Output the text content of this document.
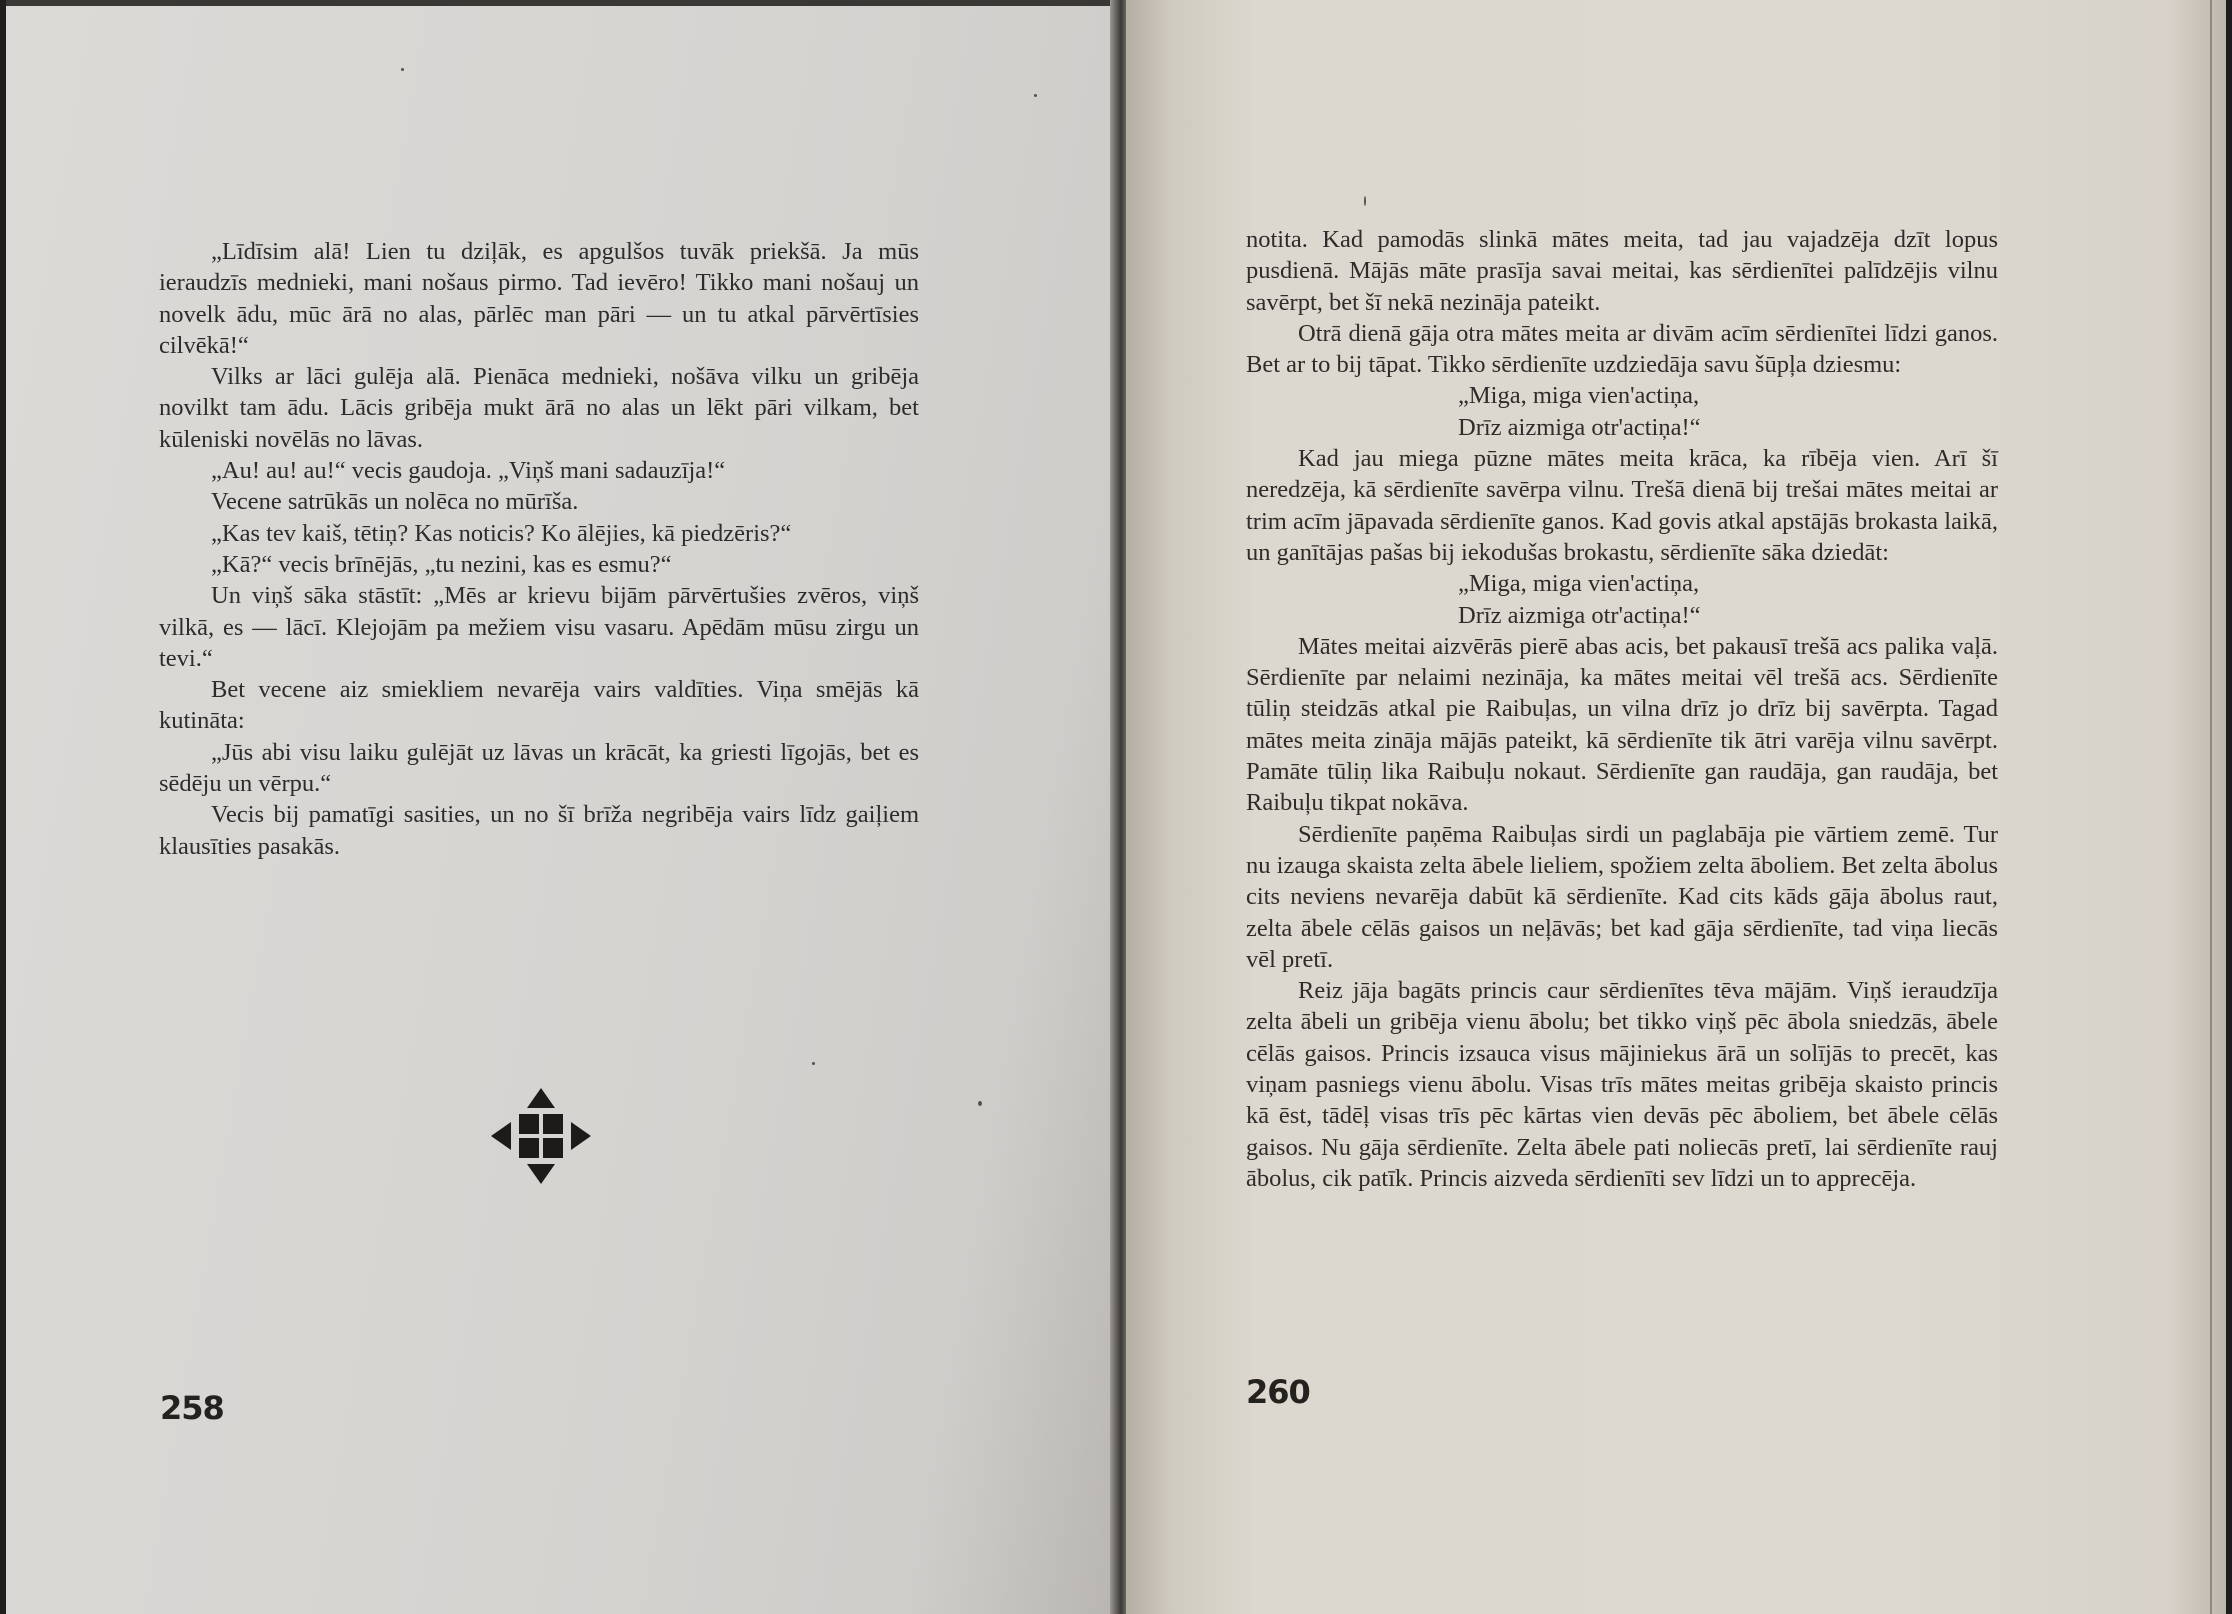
„Līdīsim alā! Lien tu dziļāk, es apgulšos tuvāk priekšā. Ja mūs ieraudzīs mednieki, mani nošaus pirmo. Tad ievēro! Tikko mani nošauj un novelk ādu, mūc ārā no alas, pārlēc man pāri — un tu atkal pārvērtīsies cilvēkā!“

Vilks ar lāci gulēja alā. Pienāca mednieki, nošāva vilku un gribēja novilkt tam ādu. Lācis gribēja mukt ārā no alas un lēkt pāri vilkam, bet kūleniski novēlās no lāvas.

„Au! au! au!“ vecis gaudoja. „Viņš mani sadauzīja!“

Vecene satrūkās un nolēca no mūrīša.

„Kas tev kaiš, tētiņ? Kas noticis? Ko ālējies, kā piedzēris?“

„Kā?“ vecis brīnējās, „tu nezini, kas es esmu?“

Un viņš sāka stāstīt: „Mēs ar krievu bijām pārvērtušies zvēros, viņš vilkā, es — lācī. Klejojām pa mežiem visu vasaru. Apēdām mūsu zirgu un tevi.“

Bet vecene aiz smiekliem nevarēja vairs valdīties. Viņa smējās kā kutināta:

„Jūs abi visu laiku gulējāt uz lāvas un krācāt, ka griesti līgojās, bet es sēdēju un vērpu.“

Vecis bij pamatīgi sasities, un no šī brīža negribēja vairs līdz gaiļiem klausīties pasakās.

258

notita. Kad pamodās slinkā mātes meita, tad jau vajadzēja dzīt lopus pusdienā. Mājās māte prasīja savai meitai, kas sērdienītei palīdzējis vilnu savērpt, bet šī nekā nezināja pateikt.

Otrā dienā gāja otra mātes meita ar divām acīm sērdienītei līdzi ganos. Bet ar to bij tāpat. Tikko sērdienīte uzdziedāja savu šūpļa dziesmu:

„Miga, miga vien'actiņa,

Drīz aizmiga otr'actiņa!“

Kad jau miega pūzne mātes meita krāca, ka rībēja vien. Arī šī neredzēja, kā sērdienīte savērpa vilnu. Trešā dienā bij trešai mātes meitai ar trim acīm jāpavada sērdienīte ganos. Kad govis atkal apstājās brokasta laikā, un ganītājas pašas bij iekodušas brokastu, sērdienīte sāka dziedāt:

„Miga, miga vien'actiņa,

Drīz aizmiga otr'actiņa!“

Mātes meitai aizvērās pierē abas acis, bet pakausī trešā acs palika vaļā. Sērdienīte par nelaimi nezināja, ka mātes meitai vēl trešā acs. Sērdienīte tūliņ steidzās atkal pie Raibuļas, un vilna drīz jo drīz bij savērpta. Tagad mātes meita zināja mājās pateikt, kā sērdienīte tik ātri varēja vilnu savērpt. Pamāte tūliņ lika Raibuļu nokaut. Sērdienīte gan raudāja, gan raudāja, bet Raibuļu tikpat nokāva.

Sērdienīte paņēma Raibuļas sirdi un paglabāja pie vārtiem zemē. Tur nu izauga skaista zelta ābele lieliem, spožiem zelta āboliem. Bet zelta ābolus cits neviens nevarēja dabūt kā sērdienīte. Kad cits kāds gāja ābolus raut, zelta ābele cēlās gaisos un neļāvās; bet kad gāja sērdienīte, tad viņa liecās vēl pretī.

Reiz jāja bagāts princis caur sērdienītes tēva mājām. Viņš ieraudzīja zelta ābeli un gribēja vienu ābolu; bet tikko viņš pēc ābola sniedzās, ābele cēlās gaisos. Princis izsauca visus mājiniekus ārā un solījās to precēt, kas viņam pasniegs vienu ābolu. Visas trīs mātes meitas gribēja skaisto princis kā ēst, tādēļ visas trīs pēc kārtas vien devās pēc āboliem, bet ābele cēlās gaisos. Nu gāja sērdienīte. Zelta ābele pati noliecās pretī, lai sērdienīte rauj ābolus, cik patīk. Princis aizveda sērdienīti sev līdzi un to apprecēja.

260
